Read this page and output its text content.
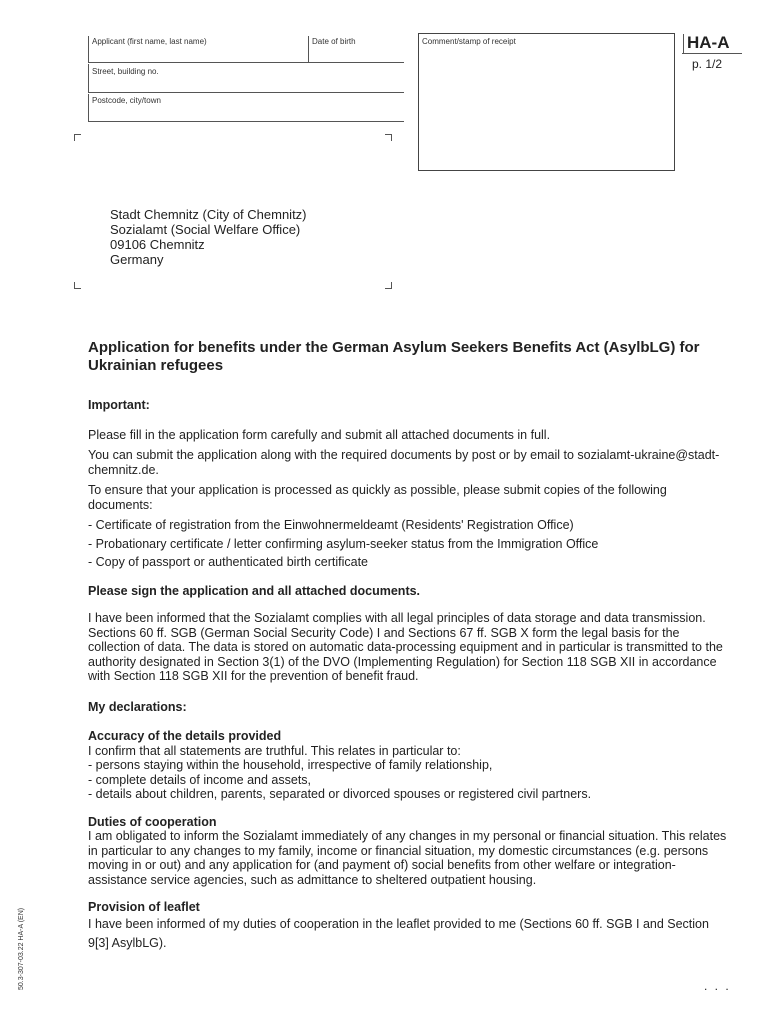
Applicant (first name, last name)	Date of birth
Street, building no.
Postcode, city/town
Comment/stamp of receipt	HA-A
p. 1/2
Stadt Chemnitz (City of Chemnitz)
Sozialamt (Social Welfare Office)
09106 Chemnitz
Germany
Application for benefits under the German Asylum Seekers Benefits Act (AsylbLG) for Ukrainian refugees

Important:

Please fill in the application form carefully and submit all attached documents in full.

You can submit the application along with the required documents by post or by email to sozialamt-ukraine@stadt-chemnitz.de.

To ensure that your application is processed as quickly as possible, please submit copies of the following documents:

- Certificate of registration from the Einwohnermeldeamt (Residents' Registration Office)

- Probationary certificate / letter confirming asylum-seeker status from the Immigration Office

- Copy of passport or authenticated birth certificate

Please sign the application and all attached documents.

I have been informed that the Sozialamt complies with all legal principles of data storage and data transmission. Sections 60 ff. SGB (German Social Security Code) I and Sections 67 ff. SGB X form the legal basis for the collection of data. The data is stored on automatic data-processing equipment and in particular is transmitted to the authority designated in Section 3(1) of the DVO (Implementing Regulation) for Section 118 SGB XII in accordance with Section 118 SGB XII for the prevention of benefit fraud.

My declarations:

Accuracy of the details provided

I confirm that all statements are truthful. This relates in particular to:

- persons staying within the household, irrespective of family relationship,

- complete details of income and assets,

- details about children, parents, separated or divorced spouses or registered civil partners.

Duties of cooperation

I am obligated to inform the Sozialamt immediately of any changes in my personal or financial situation. This relates in particular to any changes to my family, income or financial situation, my domestic circumstances (e.g. persons moving in or out) and any application for (and payment of) social benefits from other welfare or integration-assistance service agencies, such as admittance to sheltered outpatient housing.

Provision of leaflet

I have been informed of my duties of cooperation in the leaflet provided to me (Sections 60 ff. SGB I and Section 9[3] AsylbLG).

. . .
50.3-307-03.22 HA-A (EN)
